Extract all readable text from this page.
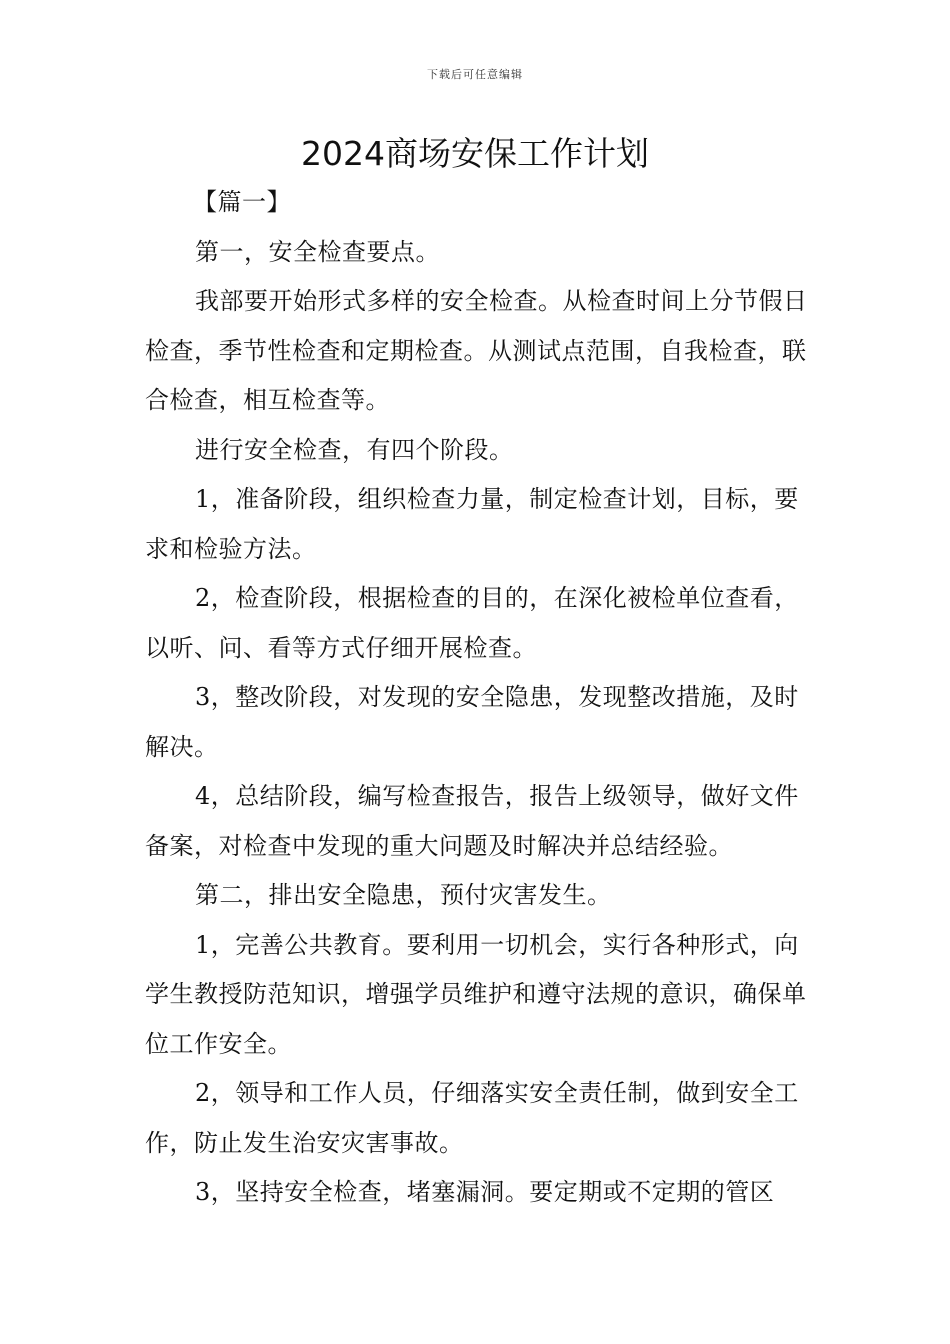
下载后可任意编辑
2024商场安保工作计划

【篇一】

第一，安全检查要点。

我部要开始形式多样的安全检查。从检查时间上分节假日检查，季节性检查和定期检查。从测试点范围，自我检查，联合检查，相互检查等。

进行安全检查，有四个阶段。

1，准备阶段，组织检查力量，制定检查计划，目标，要求和检验方法。

2，检查阶段，根据检查的目的，在深化被检单位查看，以听、问、看等方式仔细开展检查。

3，整改阶段，对发现的安全隐患，发现整改措施，及时解决。

4，总结阶段，编写检查报告，报告上级领导，做好文件备案，对检查中发现的重大问题及时解决并总结经验。

第二，排出安全隐患，预付灾害发生。

1，完善公共教育。要利用一切机会，实行各种形式，向学生教授防范知识，增强学员维护和遵守法规的意识，确保单位工作安全。

2，领导和工作人员，仔细落实安全责任制，做到安全工作，防止发生治安灾害事故。

3，坚持安全检查，堵塞漏洞。要定期或不定期的管区
